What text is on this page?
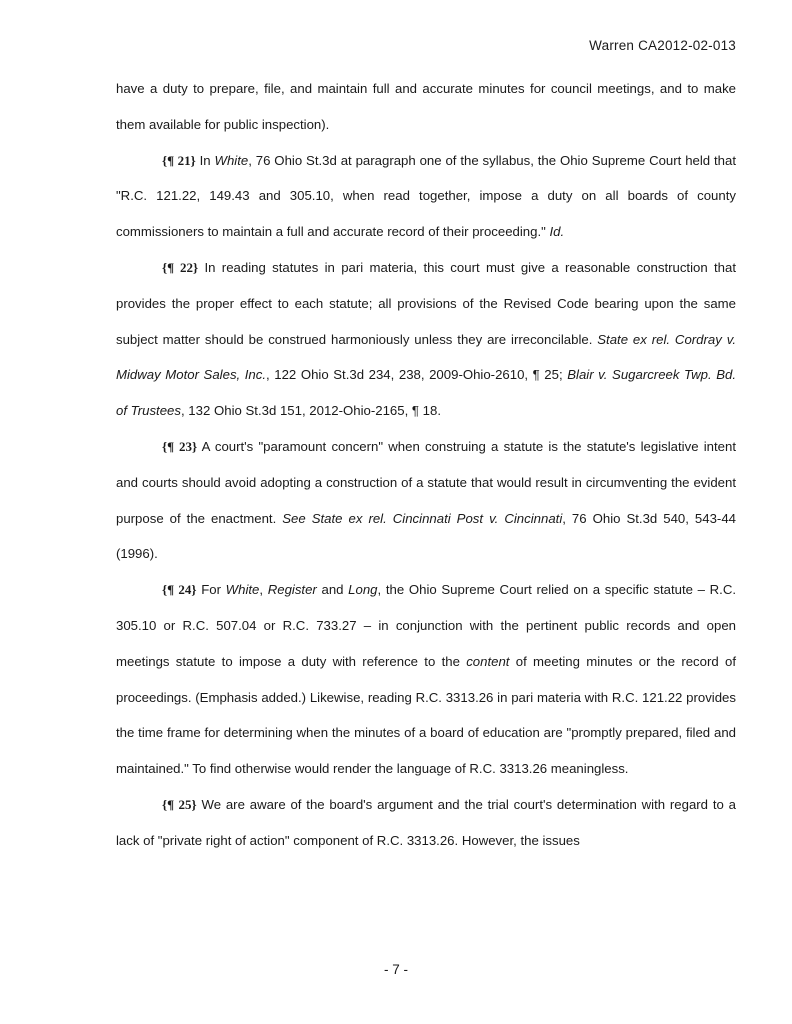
Warren CA2012-02-013

have a duty to prepare, file, and maintain full and accurate minutes for council meetings, and to make them available for public inspection).

{¶ 21} In White, 76 Ohio St.3d at paragraph one of the syllabus, the Ohio Supreme Court held that "R.C. 121.22, 149.43 and 305.10, when read together, impose a duty on all boards of county commissioners to maintain a full and accurate record of their proceeding." Id.

{¶ 22} In reading statutes in pari materia, this court must give a reasonable construction that provides the proper effect to each statute; all provisions of the Revised Code bearing upon the same subject matter should be construed harmoniously unless they are irreconcilable. State ex rel. Cordray v. Midway Motor Sales, Inc., 122 Ohio St.3d 234, 238, 2009-Ohio-2610, ¶ 25; Blair v. Sugarcreek Twp. Bd. of Trustees, 132 Ohio St.3d 151, 2012-Ohio-2165, ¶ 18.

{¶ 23} A court's "paramount concern" when construing a statute is the statute's legislative intent and courts should avoid adopting a construction of a statute that would result in circumventing the evident purpose of the enactment. See State ex rel. Cincinnati Post v. Cincinnati, 76 Ohio St.3d 540, 543-44 (1996).

{¶ 24} For White, Register and Long, the Ohio Supreme Court relied on a specific statute – R.C. 305.10 or R.C. 507.04 or R.C. 733.27 – in conjunction with the pertinent public records and open meetings statute to impose a duty with reference to the content of meeting minutes or the record of proceedings. (Emphasis added.) Likewise, reading R.C. 3313.26 in pari materia with R.C. 121.22 provides the time frame for determining when the minutes of a board of education are "promptly prepared, filed and maintained." To find otherwise would render the language of R.C. 3313.26 meaningless.

{¶ 25} We are aware of the board's argument and the trial court's determination with regard to a lack of "private right of action" component of R.C. 3313.26. However, the issues

- 7 -
